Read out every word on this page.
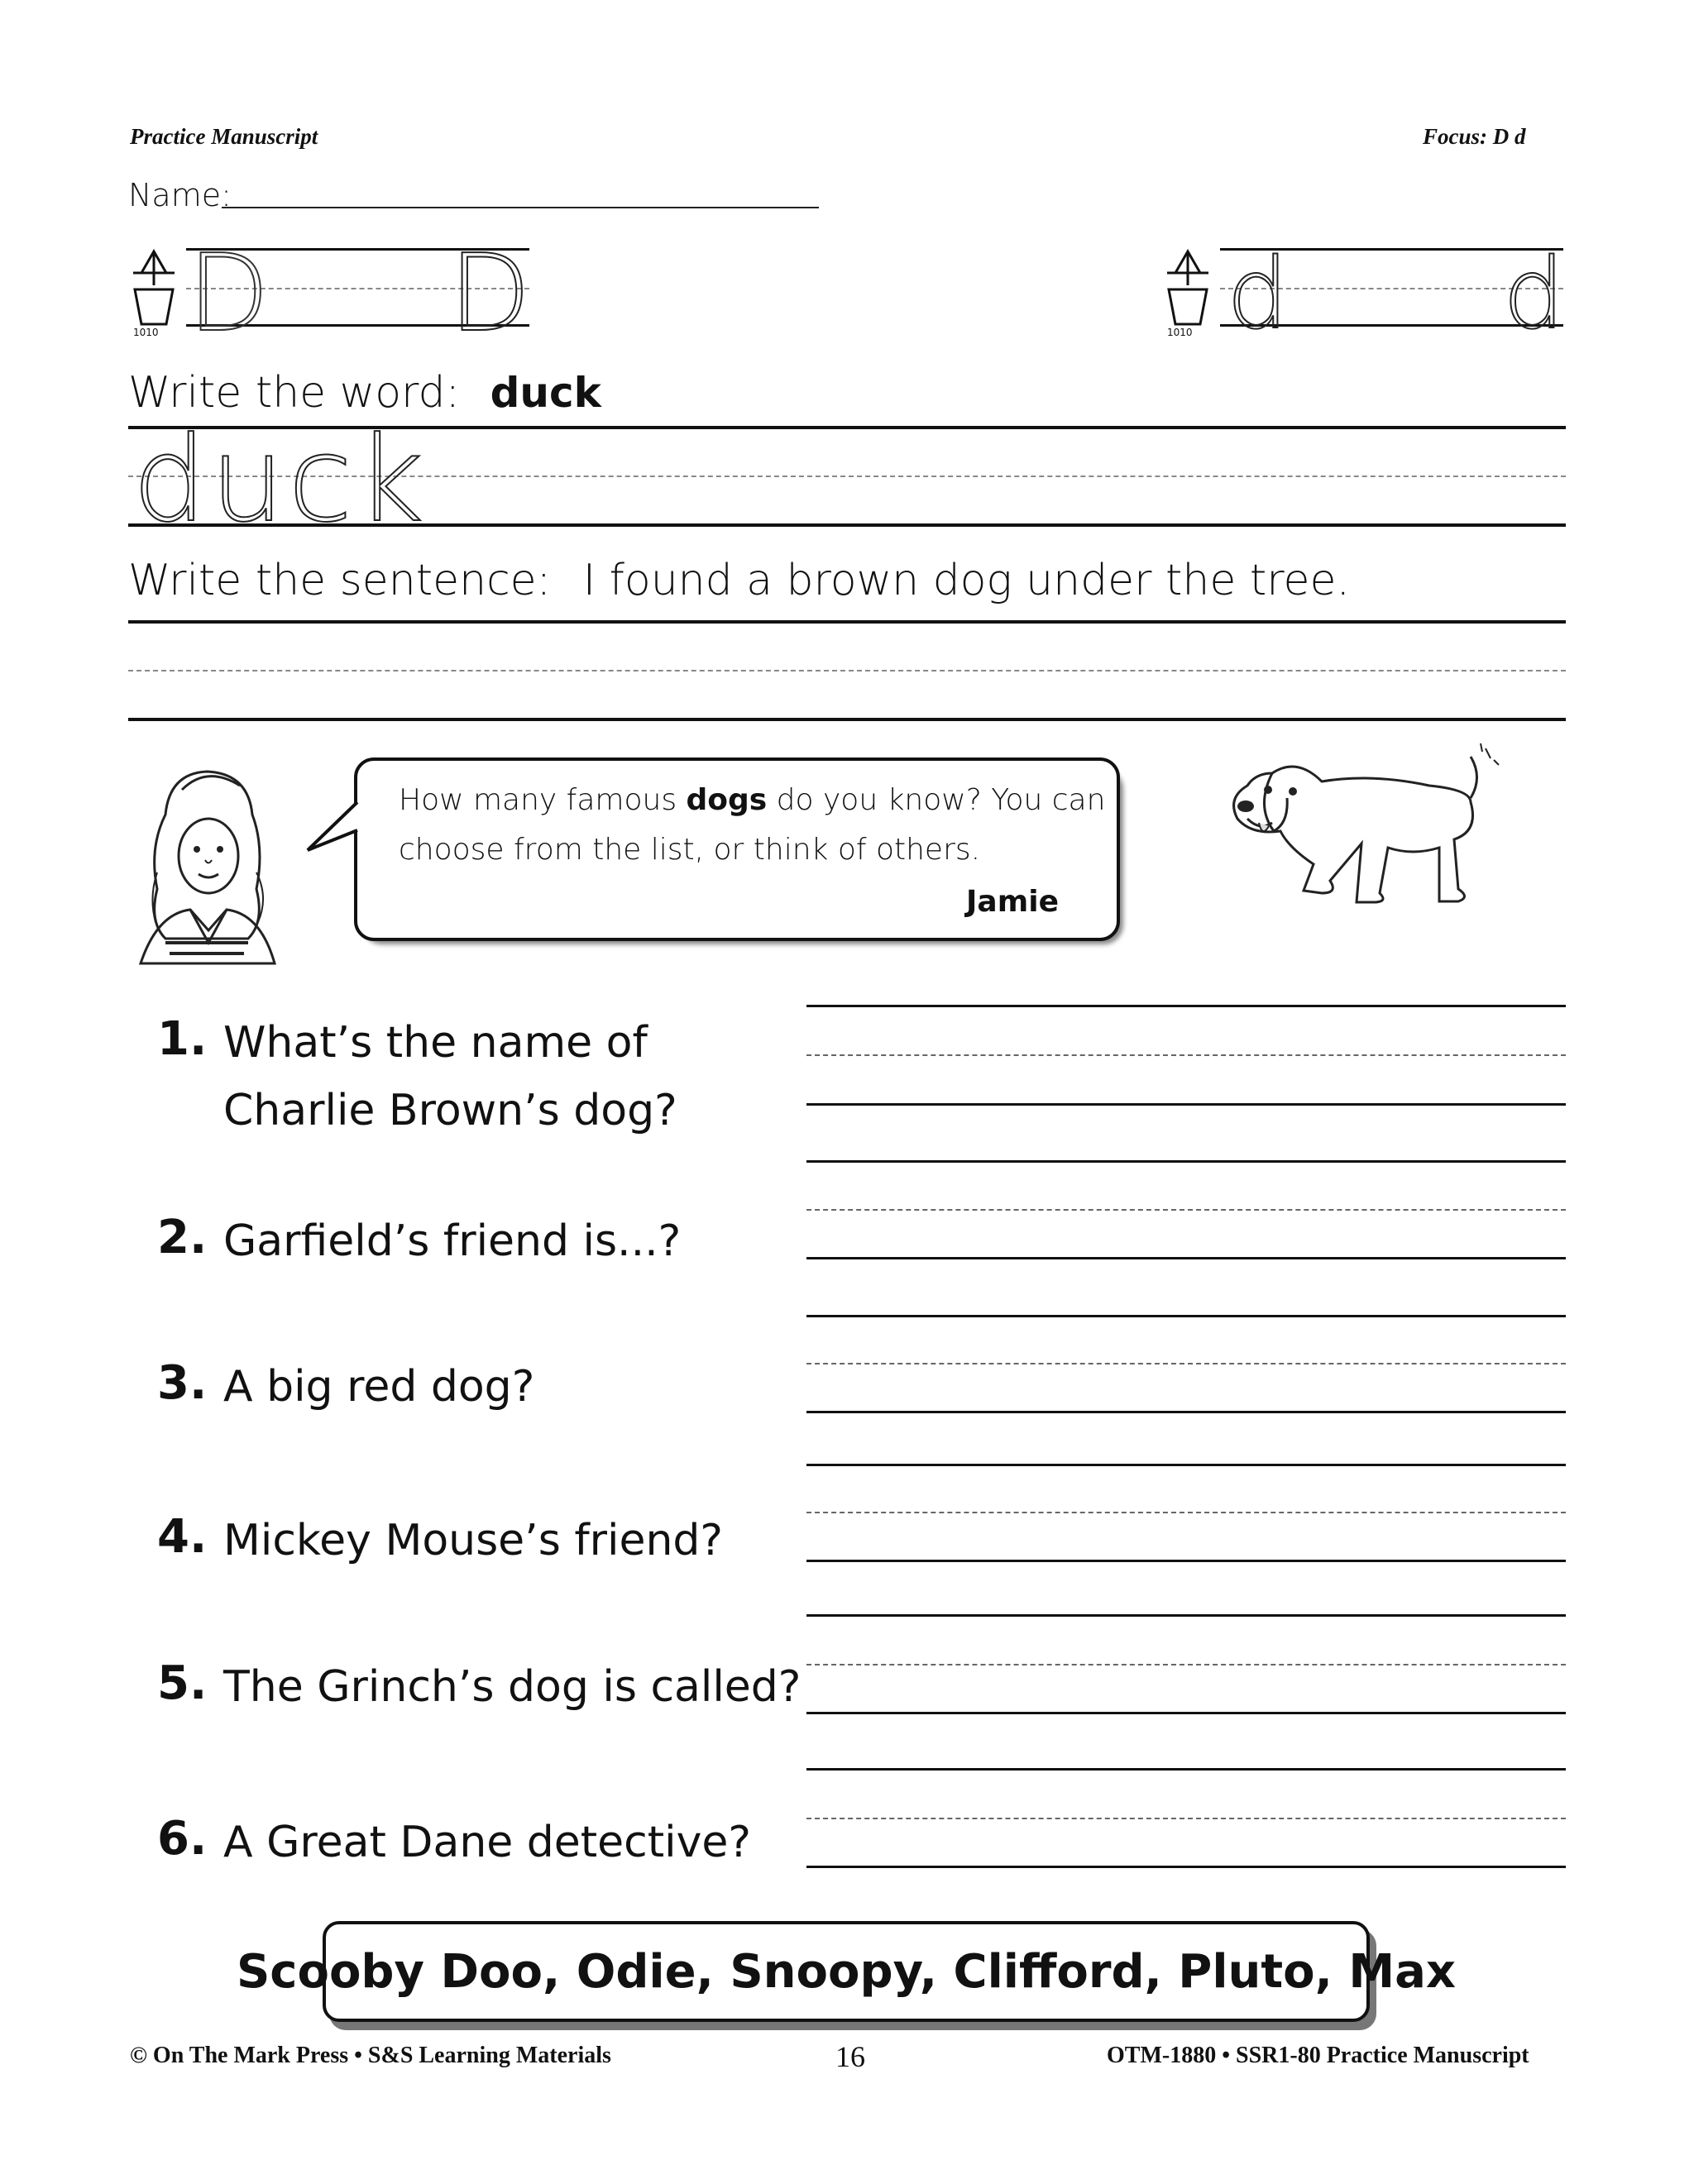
Practice Manuscript	Focus: D d
Name:
1010 D D	1010 d d
Write the word: duck
duck
Write the sentence: I found a brown dog under the tree.
How many famous dogs do you know? You can
choose from the list, or think of others.
Jamie
1. What’s the name of
Charlie Brown’s dog?
2. Garfield’s friend is...?
3. A big red dog?
4. Mickey Mouse’s friend?
5. The Grinch’s dog is called?
6. A Great Dane detective?
Scooby Doo, Odie, Snoopy, Clifford, Pluto, Max
© On The Mark Press • S&S Learning Materials	16	OTM-1880 • SSR1-80 Practice Manuscript
